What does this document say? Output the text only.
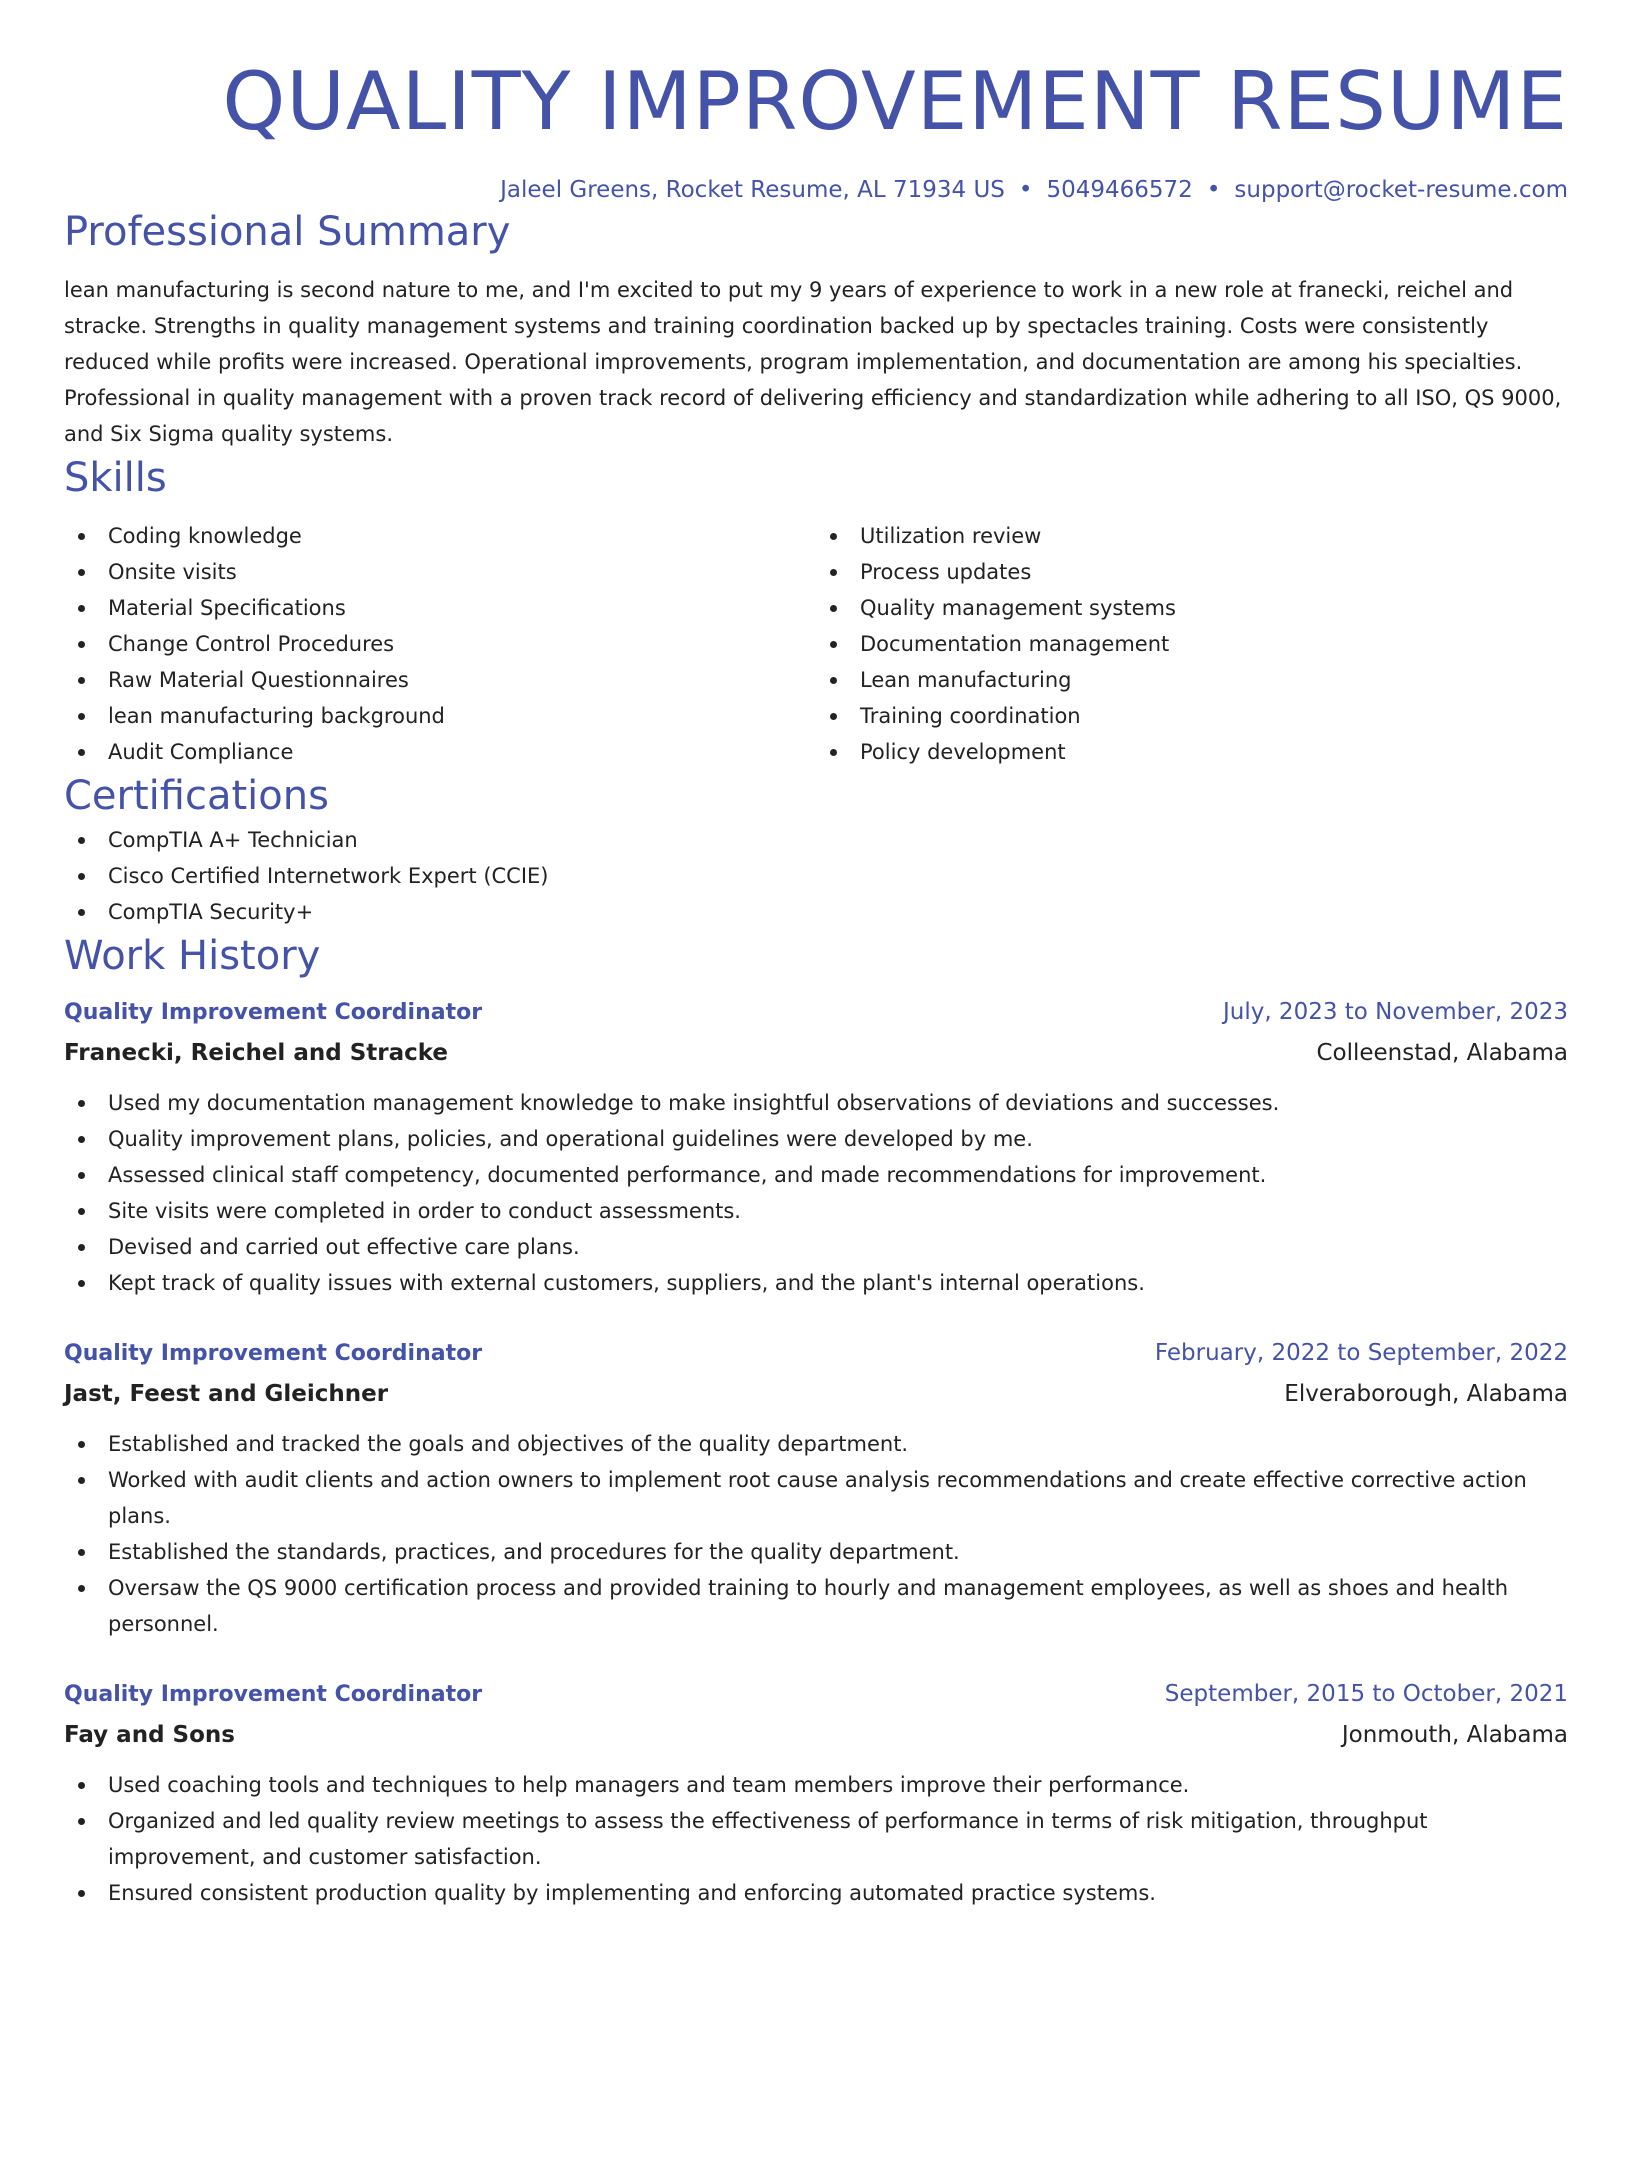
QUALITY IMPROVEMENT RESUME
Jaleel Greens, Rocket Resume, AL 71934 US • 5049466572 • support@rocket-resume.com
Professional Summary

lean manufacturing is second nature to me, and I'm excited to put my 9 years of experience to work in a new role at franecki, reichel and stracke. Strengths in quality management systems and training coordination backed up by spectacles training. Costs were consistently reduced while profits were increased. Operational improvements, program implementation, and documentation are among his specialties. Professional in quality management with a proven track record of delivering efficiency and standardization while adhering to all ISO, QS 9000, and Six Sigma quality systems.

Skills
Coding knowledge
Onsite visits
Material Specifications
Change Control Procedures
Raw Material Questionnaires
lean manufacturing background
Audit Compliance
Utilization review
Process updates
Quality management systems
Documentation management
Lean manufacturing
Training coordination
Policy development
Certifications
CompTIA A+ Technician
Cisco Certified Internetwork Expert (CCIE)
CompTIA Security+
Work History
Quality Improvement Coordinator	July, 2023 to November, 2023
Franecki, Reichel and Stracke	Colleenstad, Alabama
Used my documentation management knowledge to make insightful observations of deviations and successes.
Quality improvement plans, policies, and operational guidelines were developed by me.
Assessed clinical staff competency, documented performance, and made recommendations for improvement.
Site visits were completed in order to conduct assessments.
Devised and carried out effective care plans.
Kept track of quality issues with external customers, suppliers, and the plant's internal operations.
Quality Improvement Coordinator	February, 2022 to September, 2022
Jast, Feest and Gleichner	Elveraborough, Alabama
Established and tracked the goals and objectives of the quality department.
Worked with audit clients and action owners to implement root cause analysis recommendations and create effective corrective action plans.
Established the standards, practices, and procedures for the quality department.
Oversaw the QS 9000 certification process and provided training to hourly and management employees, as well as shoes and health personnel.
Quality Improvement Coordinator	September, 2015 to October, 2021
Fay and Sons	Jonmouth, Alabama
Used coaching tools and techniques to help managers and team members improve their performance.
Organized and led quality review meetings to assess the effectiveness of performance in terms of risk mitigation, throughput improvement, and customer satisfaction.
Ensured consistent production quality by implementing and enforcing automated practice systems.
